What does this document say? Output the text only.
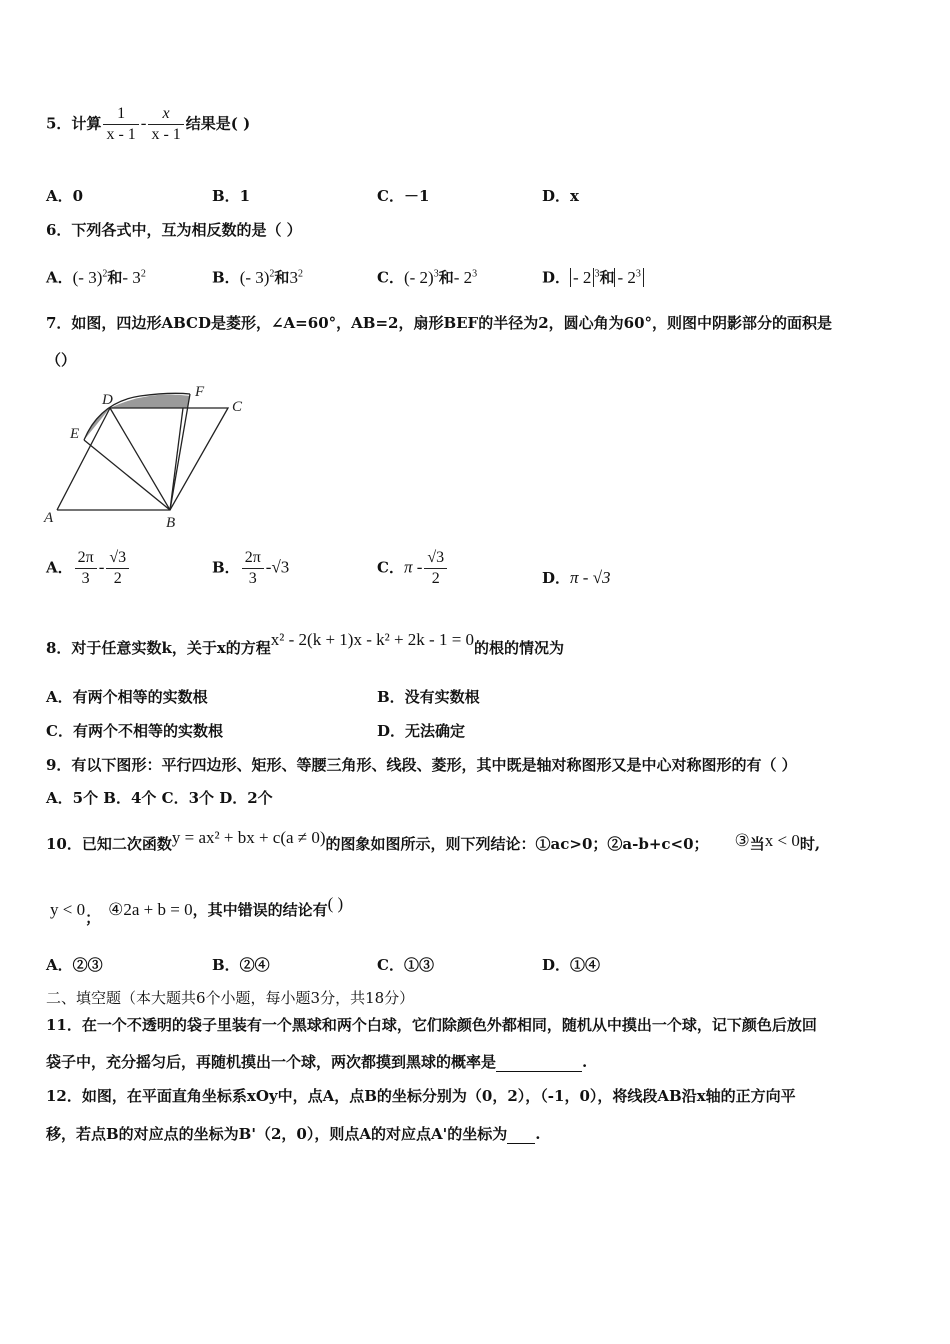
5．计算 $\frac{1}{x - 1} - \frac{x}{x - 1}$ 结果是( )
A．0	B．1	C．－1	D．x
6．下列各式中，互为相反数的是（ ）
A．(- 3)$^2$和- $3^2$	B．(- 3)$^2$和$3^2$	C．(- 2)$^3$和- $2^3$	D． - 2 $^3$和 - $2^3$
7．如图，四边形ABCD是菱形，∠A=60°，AB=2，扇形BEF的半径为2，圆心角为60°，则图中阴影部分的面积是
（）
A	B
C
D
E
F
A． $\frac{2\pi}{3} - \frac{√3}{2}$	B． $\frac{2\pi}{3} -√3$	C．π - $\frac{√3}{2}$	D．π - √3
8．对于任意实数k，关于x的方程x² - 2(k + 1)x - k² + 2k - 1 = 0的根的情况为
A．有两个相等的实数根	B．没有实数根
C．有两个不相等的实数根	D．无法确定
9．有以下图形：平行四边形、矩形、等腰三角形、线段、菱形，其中既是轴对称图形又是中心对称图形的有（ ）
A．5个 B．4个 C．3个 D．2个
10．已知二次函数y = ax² + bx + c(a ≠ 0)的图象如图所示，则下列结论：①ac>0；②a-b+c<0； ③当x < 0时,
y < 0； ④2a + b = 0，其中错误的结论有( )
A．②③	B．②④	C．①③	D．①④
二、填空题（本大题共6个小题，每小题3分，共18分）
11．在一个不透明的袋子里装有一个黑球和两个白球，它们除颜色外都相同，随机从中摸出一个球，记下颜色后放回
袋子中，充分摇匀后，再随机摸出一个球，两次都摸到黑球的概率是	.
12．如图，在平面直角坐标系xOy中，点A，点B的坐标分别为（0，2），（-1，0），将线段AB沿x轴的正方向平
移，若点B的对应点的坐标为B'（2，0），则点A的对应点A'的坐标为 .
